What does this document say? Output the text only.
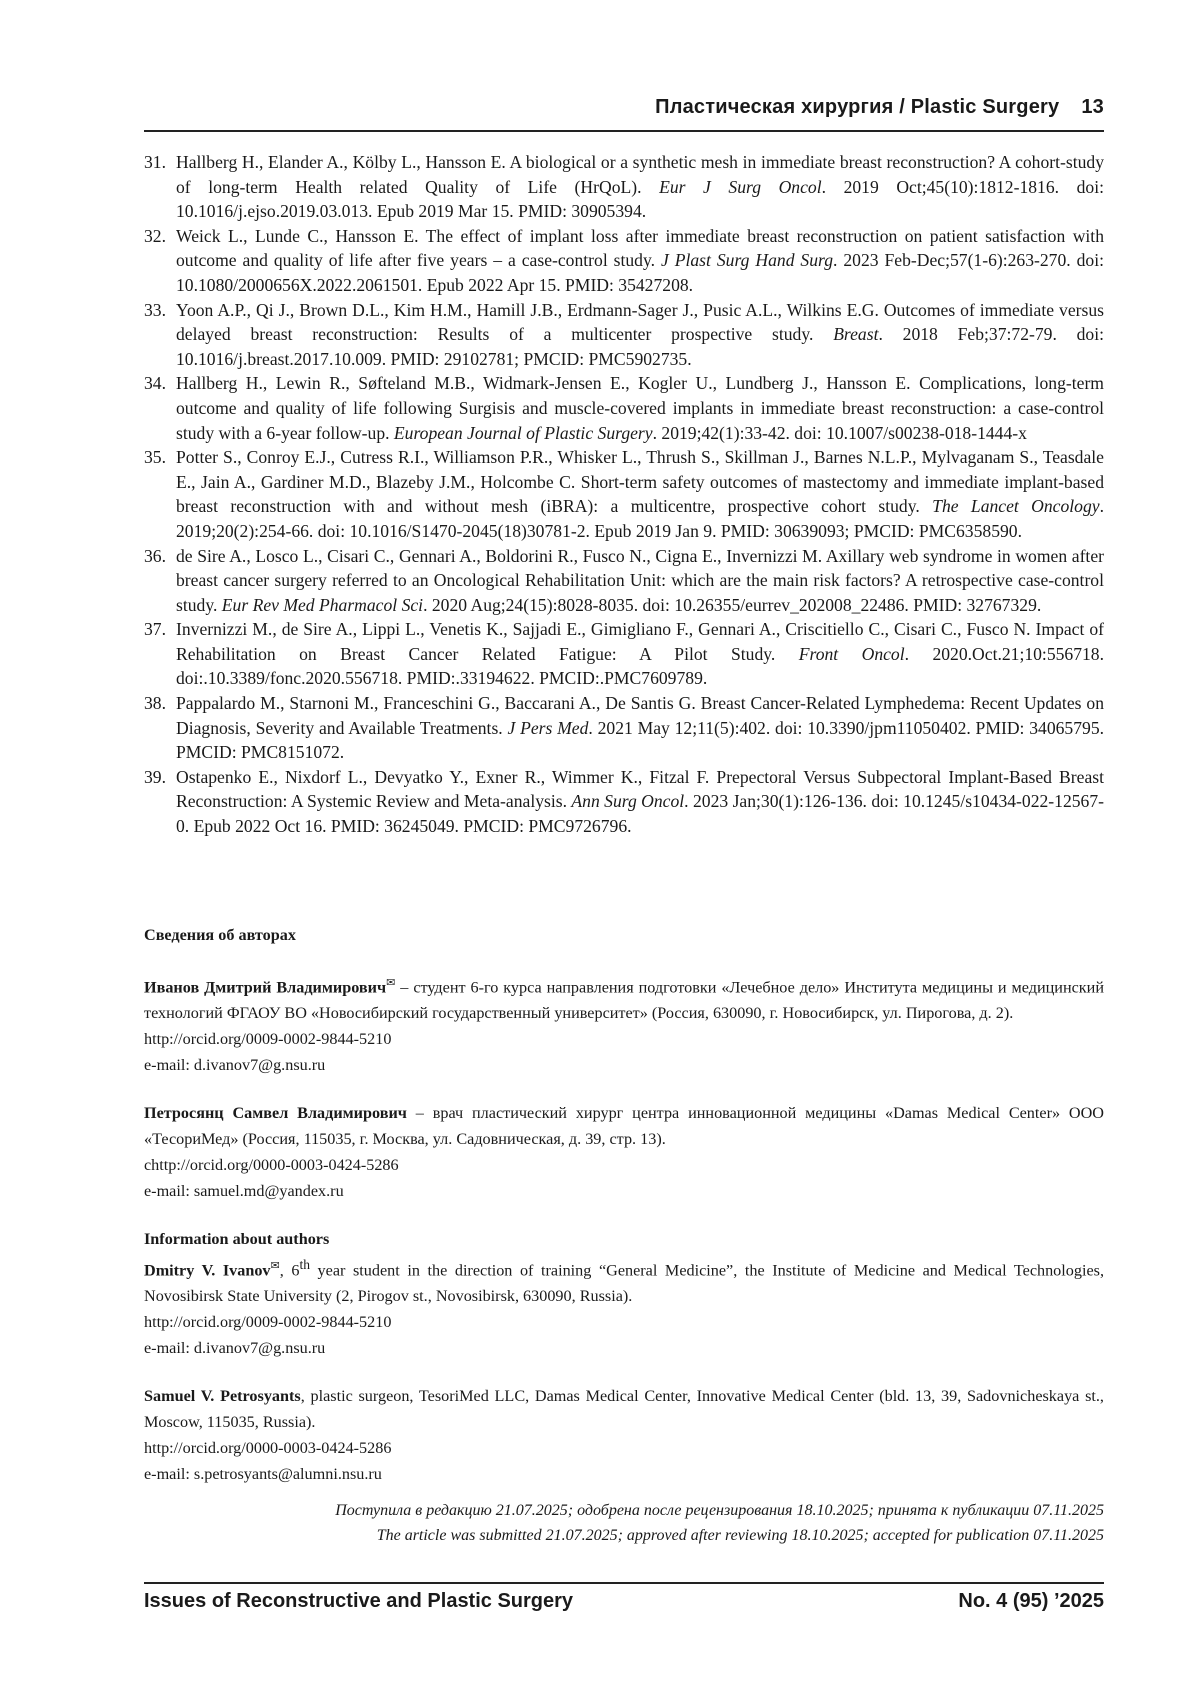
Пластическая хирургия / Plastic Surgery 13
31. Hallberg H., Elander A., Kölby L., Hansson E. A biological or a synthetic mesh in immediate breast reconstruction? A cohort-study of long-term Health related Quality of Life (HrQoL). Eur J Surg Oncol. 2019 Oct;45(10):1812-1816. doi: 10.1016/j.ejso.2019.03.013. Epub 2019 Mar 15. PMID: 30905394.
32. Weick L., Lunde C., Hansson E. The effect of implant loss after immediate breast reconstruction on patient satisfaction with outcome and quality of life after five years – a case-control study. J Plast Surg Hand Surg. 2023 Feb-Dec;57(1-6):263-270. doi: 10.1080/2000656X.2022.2061501. Epub 2022 Apr 15. PMID: 35427208.
33. Yoon A.P., Qi J., Brown D.L., Kim H.M., Hamill J.B., Erdmann-Sager J., Pusic A.L., Wilkins E.G. Outcomes of immediate versus delayed breast reconstruction: Results of a multicenter prospective study. Breast. 2018 Feb;37:72-79. doi: 10.1016/j.breast.2017.10.009. PMID: 29102781; PMCID: PMC5902735.
34. Hallberg H., Lewin R., Søfteland M.B., Widmark-Jensen E., Kogler U., Lundberg J., Hansson E. Complications, long-term outcome and quality of life following Surgisis and muscle-covered implants in immediate breast reconstruction: a case-control study with a 6-year follow-up. European Journal of Plastic Surgery. 2019;42(1):33-42. doi: 10.1007/s00238-018-1444-x
35. Potter S., Conroy E.J., Cutress R.I., Williamson P.R., Whisker L., Thrush S., Skillman J., Barnes N.L.P., Mylvaganam S., Teasdale E., Jain A., Gardiner M.D., Blazeby J.M., Holcombe C. Short-term safety outcomes of mastectomy and immediate implant-based breast reconstruction with and without mesh (iBRA): a multicentre, prospective cohort study. The Lancet Oncology. 2019;20(2):254-66. doi: 10.1016/S1470-2045(18)30781-2. Epub 2019 Jan 9. PMID: 30639093; PMCID: PMC6358590.
36. de Sire A., Losco L., Cisari C., Gennari A., Boldorini R., Fusco N., Cigna E., Invernizzi M. Axillary web syndrome in women after breast cancer surgery referred to an Oncological Rehabilitation Unit: which are the main risk factors? A retrospective case-control study. Eur Rev Med Pharmacol Sci. 2020 Aug;24(15):8028-8035. doi: 10.26355/eurrev_202008_22486. PMID: 32767329.
37. Invernizzi M., de Sire A., Lippi L., Venetis K., Sajjadi E., Gimigliano F., Gennari A., Criscitiello C., Cisari C., Fusco N. Impact of Rehabilitation on Breast Cancer Related Fatigue: A Pilot Study. Front Oncol. 2020.Oct.21;10:556718. doi:.10.3389/fonc.2020.556718. PMID:.33194622. PMCID:.PMC7609789.
38. Pappalardo M., Starnoni M., Franceschini G., Baccarani A., De Santis G. Breast Cancer-Related Lymphedema: Recent Updates on Diagnosis, Severity and Available Treatments. J Pers Med. 2021 May 12;11(5):402. doi: 10.3390/jpm11050402. PMID: 34065795. PMCID: PMC8151072.
39. Ostapenko E., Nixdorf L., Devyatko Y., Exner R., Wimmer K., Fitzal F. Prepectoral Versus Subpectoral Implant-Based Breast Reconstruction: A Systemic Review and Meta-analysis. Ann Surg Oncol. 2023 Jan;30(1):126-136. doi: 10.1245/s10434-022-12567-0. Epub 2022 Oct 16. PMID: 36245049. PMCID: PMC9726796.

Сведения об авторах

Иванов Дмитрий Владимирович✉ – студент 6-го курса направления подготовки «Лечебное дело» Института медицины и медицинский технологий ФГАОУ ВО «Новосибирский государственный университет» (Россия, 630090, г. Новосибирск, ул. Пирогова, д. 2).

http://orcid.org/0009-0002-9844-5210

e-mail: d.ivanov7@g.nsu.ru

Петросянц Самвел Владимирович – врач пластический хирург центра инновационной медицины «Damas Medical Center» ООО «ТесориМед» (Россия, 115035, г. Москва, ул. Садовническая, д. 39, стр. 13).

chttp://orcid.org/0000-0003-0424-5286

e-mail: samuel.md@yandex.ru

Information about authors

Dmitry V. Ivanov✉, 6th year student in the direction of training “General Medicine”, the Institute of Medicine and Medical Technologies, Novosibirsk State University (2, Pirogov st., Novosibirsk, 630090, Russia).

http://orcid.org/0009-0002-9844-5210

e-mail: d.ivanov7@g.nsu.ru

Samuel V. Petrosyants, plastic surgeon, TesoriMed LLC, Damas Medical Center, Innovative Medical Center (bld. 13, 39, Sadovnicheskaya st., Moscow, 115035, Russia).

http://orcid.org/0000-0003-0424-5286

e-mail: s.petrosyants@alumni.nsu.ru

Поступила в редакцию 21.07.2025; одобрена после рецензирования 18.10.2025; принята к публикации 07.11.2025
The article was submitted 21.07.2025; approved after reviewing 18.10.2025; accepted for publication 07.11.2025
Issues of Reconstructive and Plastic Surgery	No. 4 (95) ’2025
